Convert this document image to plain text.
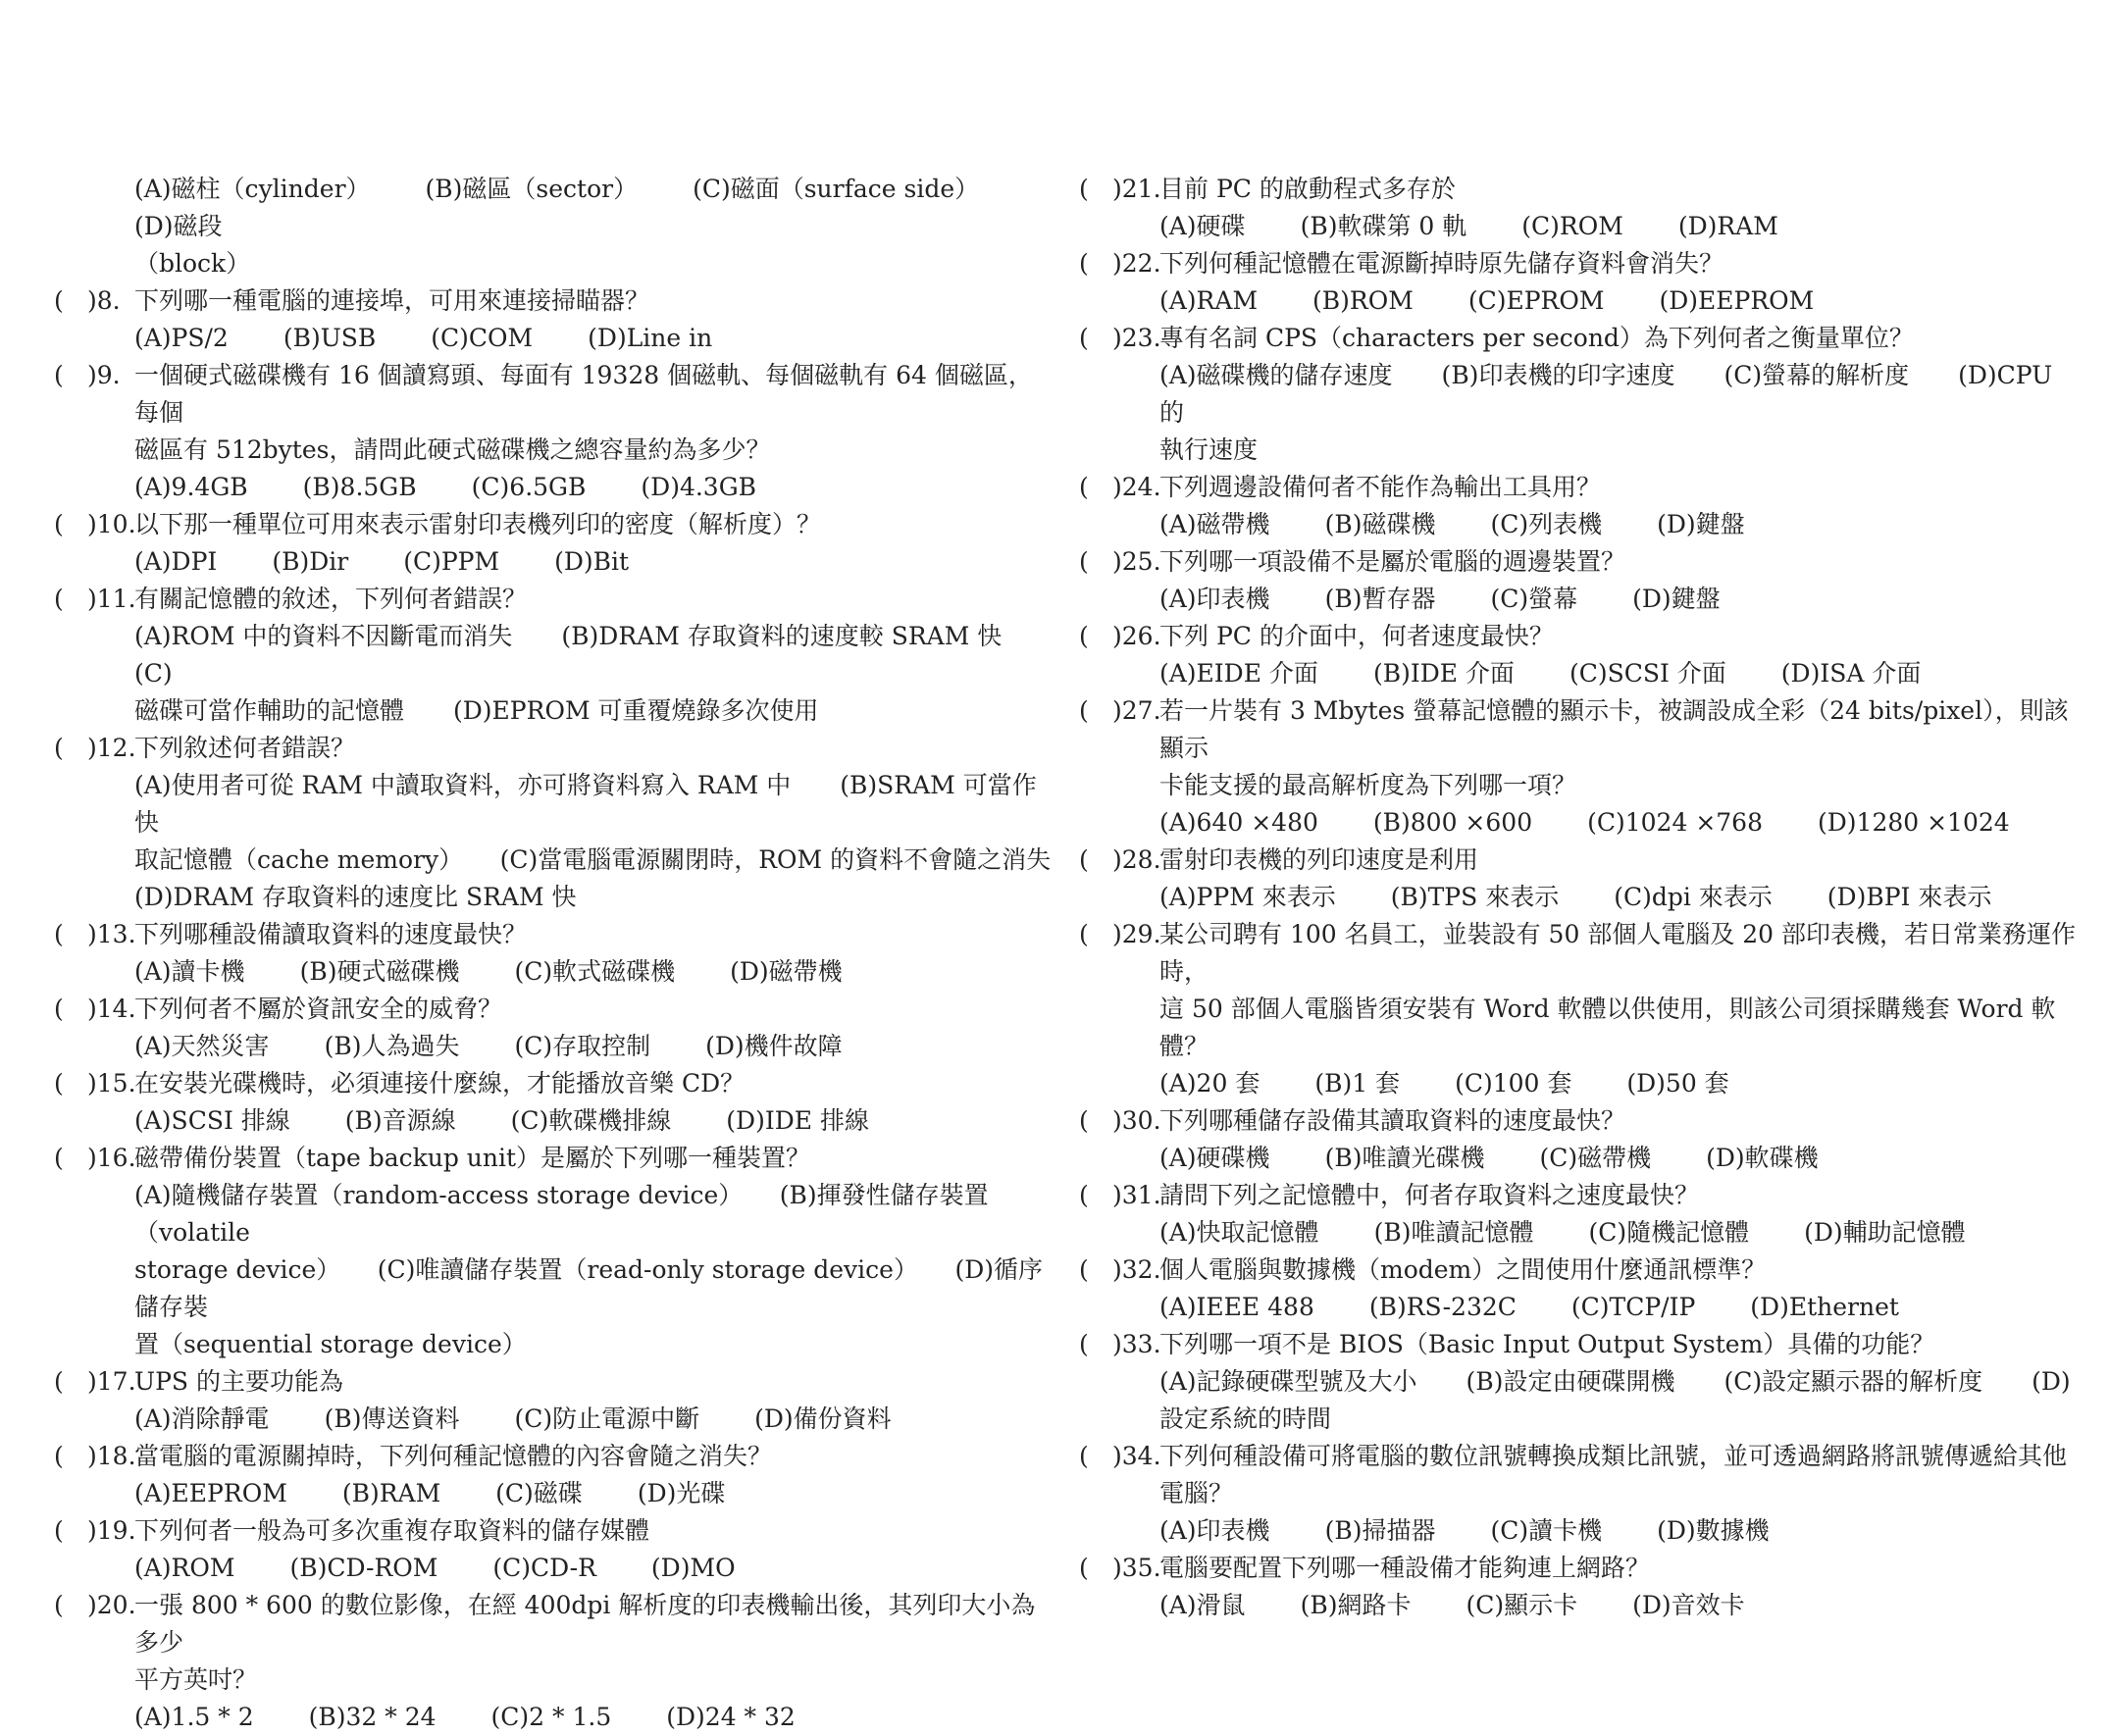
(A)磁柱（cylinder） (B)磁區（sector） (C)磁面（surface side）(D)磁段
（block）
( )8. 下列哪一種電腦的連接埠，可用來連接掃瞄器？
(A)PS/2 (B)USB (C)COM (D)Line in
( )9. 一個硬式磁碟機有 16 個讀寫頭、每面有 19328 個磁軌、每個磁軌有 64 個磁區，每個
磁區有 512bytes，請問此硬式磁碟機之總容量約為多少？
(A)9.4GB (B)8.5GB (C)6.5GB (D)4.3GB
( )10.
以下那一種單位可用來表示雷射印表機列印的密度（解析度）？
(A)DPI (B)Dir (C)PPM (D)Bit
( )11.
有關記憶體的敘述，下列何者錯誤？
(A)ROM 中的資料不因斷電而消失　　(B)DRAM 存取資料的速度較 SRAM 快　　(C)
磁碟可當作輔助的記憶體　　(D)EPROM 可重覆燒錄多次使用
( )12.
下列敘述何者錯誤？
(A)使用者可從 RAM 中讀取資料，亦可將資料寫入 RAM 中　　(B)SRAM 可當作快
取記憶體（cache memory）　　(C)當電腦電源關閉時，ROM 的資料不會隨之消失
(D)DRAM 存取資料的速度比 SRAM 快
( )13.
下列哪種設備讀取資料的速度最快？
(A)讀卡機 (B)硬式磁碟機 (C)軟式磁碟機 (D)磁帶機
( )14.
下列何者不屬於資訊安全的威脅？
(A)天然災害 (B)人為過失 (C)存取控制 (D)機件故障
( )15.
在安裝光碟機時，必須連接什麼線，才能播放音樂 CD？
(A)SCSI 排線 (B)音源線 (C)軟碟機排線 (D)IDE 排線
( )16.
磁帶備份裝置（tape backup unit）是屬於下列哪一種裝置？
(A)隨機儲存裝置（random-access storage device）　　(B)揮發性儲存裝置（volatile
storage device）　　(C)唯讀儲存裝置（read-only storage device）　　(D)循序儲存裝
置（sequential storage device）
( )17.
UPS 的主要功能為
(A)消除靜電 (B)傳送資料 (C)防止電源中斷 (D)備份資料
( )18.
當電腦的電源關掉時，下列何種記憶體的內容會隨之消失？
(A)EEPROM (B)RAM (C)磁碟 (D)光碟
( )19.
下列何者一般為可多次重複存取資料的儲存媒體
(A)ROM (B)CD-ROM (C)CD-R (D)MO
( )20.
一張 800 * 600 的數位影像，在經 400dpi 解析度的印表機輸出後，其列印大小為多少
平方英吋？
(A)1.5 * 2 (B)32 * 24 (C)2 * 1.5 (D)24 * 32
( )21.
目前 PC 的啟動程式多存於
(A)硬碟 (B)軟碟第 0 軌 (C)ROM (D)RAM
( )22.
下列何種記憶體在電源斷掉時原先儲存資料會消失？
(A)RAM (B)ROM (C)EPROM (D)EEPROM
( )23.
專有名詞 CPS（characters per second）為下列何者之衡量單位？
(A)磁碟機的儲存速度　　(B)印表機的印字速度　　(C)螢幕的解析度　　(D)CPU 的
執行速度
( )24.
下列週邊設備何者不能作為輸出工具用？
(A)磁帶機 (B)磁碟機 (C)列表機 (D)鍵盤
( )25.
下列哪一項設備不是屬於電腦的週邊裝置？
(A)印表機 (B)暫存器 (C)螢幕 (D)鍵盤
( )26.
下列 PC 的介面中，何者速度最快？
(A)EIDE 介面 (B)IDE 介面 (C)SCSI 介面 (D)ISA 介面
( )27.
若一片裝有 3 Mbytes 螢幕記憶體的顯示卡，被調設成全彩（24 bits/pixel），則該顯示
卡能支援的最高解析度為下列哪一項？
(A)640 ×480 (B)800 ×600 (C)1024 ×768 (D)1280 ×1024
( )28.
雷射印表機的列印速度是利用
(A)PPM 來表示 (B)TPS 來表示 (C)dpi 來表示 (D)BPI 來表示
( )29.
某公司聘有 100 名員工，並裝設有 50 部個人電腦及 20 部印表機，若日常業務運作時，
這 50 部個人電腦皆須安裝有 Word 軟體以供使用，則該公司須採購幾套 Word 軟體？
(A)20 套 (B)1 套 (C)100 套 (D)50 套
( )30.
下列哪種儲存設備其讀取資料的速度最快？
(A)硬碟機 (B)唯讀光碟機 (C)磁帶機 (D)軟碟機
( )31.
請問下列之記憶體中，何者存取資料之速度最快？
(A)快取記憶體 (B)唯讀記憶體 (C)隨機記憶體 (D)輔助記憶體
( )32.
個人電腦與數據機（modem）之間使用什麼通訊標準？
(A)IEEE 488 (B)RS-232C (C)TCP/IP (D)Ethernet
( )33.
下列哪一項不是 BIOS（Basic Input Output System）具備的功能？
(A)記錄硬碟型號及大小　　(B)設定由硬碟開機　　(C)設定顯示器的解析度　　(D)
設定系統的時間
( )34.
下列何種設備可將電腦的數位訊號轉換成類比訊號，並可透過網路將訊號傳遞給其他
電腦？
(A)印表機 (B)掃描器 (C)讀卡機 (D)數據機
( )35.
電腦要配置下列哪一種設備才能夠連上網路？
(A)滑鼠 (B)網路卡 (C)顯示卡 (D)音效卡
